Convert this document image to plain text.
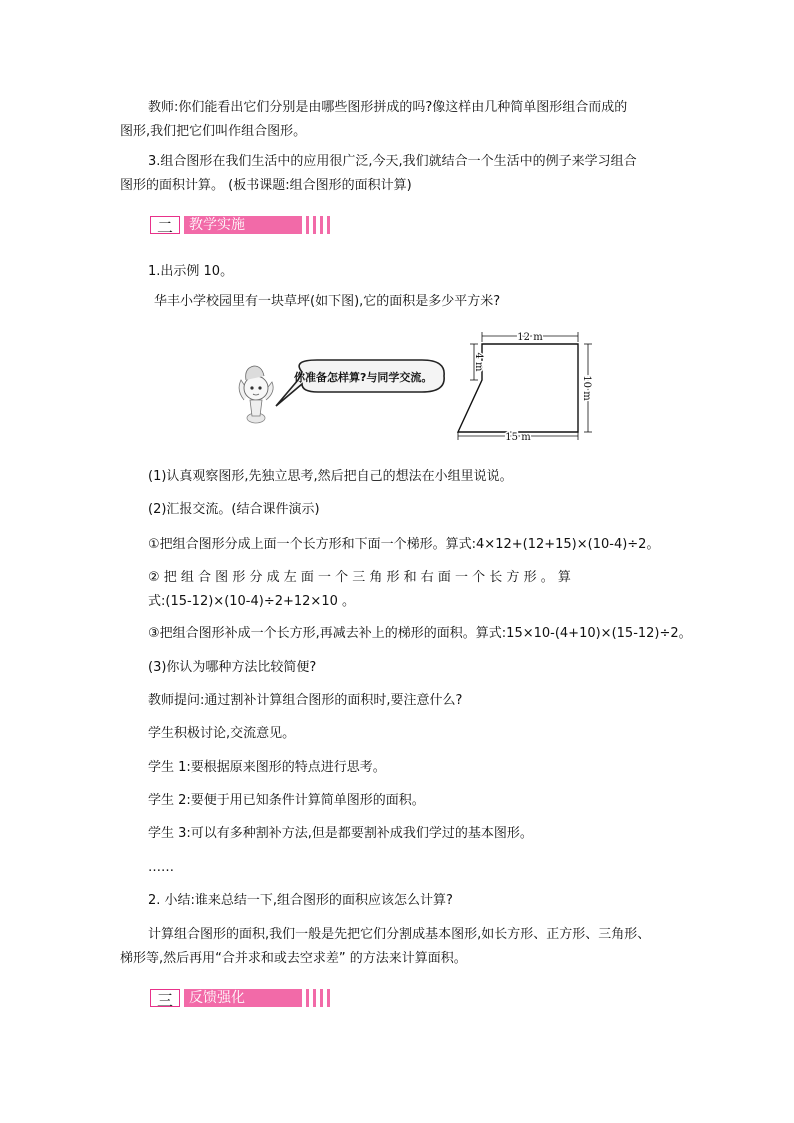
教师:你们能看出它们分别是由哪些图形拼成的吗?像这样由几种简单图形组合而成的
图形,我们把它们叫作组合图形。

3.组合图形在我们生活中的应用很广泛,今天,我们就结合一个生活中的例子来学习组合
图形的面积计算。 (板书课题:组合图形的面积计算)

二	教学实施

1.出示例 10。

华丰小学校园里有一块草坪(如下图),它的面积是多少平方米?

你准备怎样算?与同学交流。
12 m
4 m
10 m
15 m

(1)认真观察图形,先独立思考,然后把自己的想法在小组里说说。

(2)汇报交流。(结合课件演示)

①把组合图形分成上面一个长方形和下面一个梯形。算式:4×12+(12+15)×(10-4)÷2。

② 把 组 合 图 形 分 成 左 面 一 个 三 角 形 和 右 面 一 个 长 方 形 。 算
式:(15-12)×(10-4)÷2+12×10 。

③把组合图形补成一个长方形,再减去补上的梯形的面积。算式:15×10-(4+10)×(15-12)÷2。

(3)你认为哪种方法比较简便?

教师提问:通过割补计算组合图形的面积时,要注意什么?

学生积极讨论,交流意见。

学生 1:要根据原来图形的特点进行思考。

学生 2:要便于用已知条件计算简单图形的面积。

学生 3:可以有多种割补方法,但是都要割补成我们学过的基本图形。

……

2. 小结:谁来总结一下,组合图形的面积应该怎么计算?

计算组合图形的面积,我们一般是先把它们分割成基本图形,如长方形、正方形、三角形、
梯形等,然后再用“合并求和或去空求差” 的方法来计算面积。

三	反馈强化
